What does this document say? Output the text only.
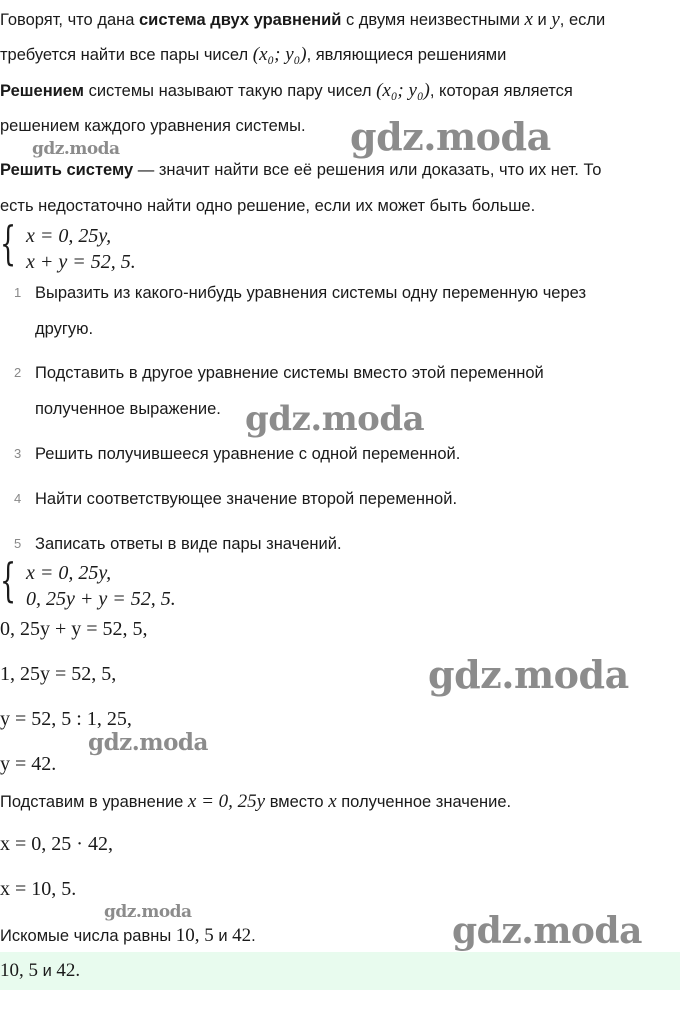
Говорят, что дана система двух уравнений с двумя неизвестными x и y, если
требуется найти все пары чисел (x₀; y₀), являющиеся решениями
Решением системы называют такую пару чисел (x₀; y₀), которая является
решением каждого уравнения системы.
Решить систему — значит найти все её решения или доказать, что их нет. То
есть недостаточно найти одно решение, если их может быть больше.
{ x = 0, 25y,
x + y = 52, 5.
1 Выразить из какого-нибудь уравнения системы одну переменную через
другую.
2 Подставить в другое уравнение системы вместо этой переменной
полученное выражение.
3 Решить получившееся уравнение с одной переменной.
4 Найти соответствующее значение второй переменной.
5 Записать ответы в виде пары значений.
{ x = 0, 25y,
0, 25y + y = 52, 5.
0, 25y + y = 52, 5,
1, 25y = 52, 5,
y = 52, 5 : 1, 25,
y = 42.
Подставим в уравнение x = 0, 25y вместо x полученное значение.
x = 0, 25 · 42,
x = 10, 5.
Искомые числа равны 10, 5 и 42.
10, 5 и 42.
gdz.moda
gdz.moda
gdz.moda
gdz.moda
gdz.moda
gdz.moda	gdz.moda
